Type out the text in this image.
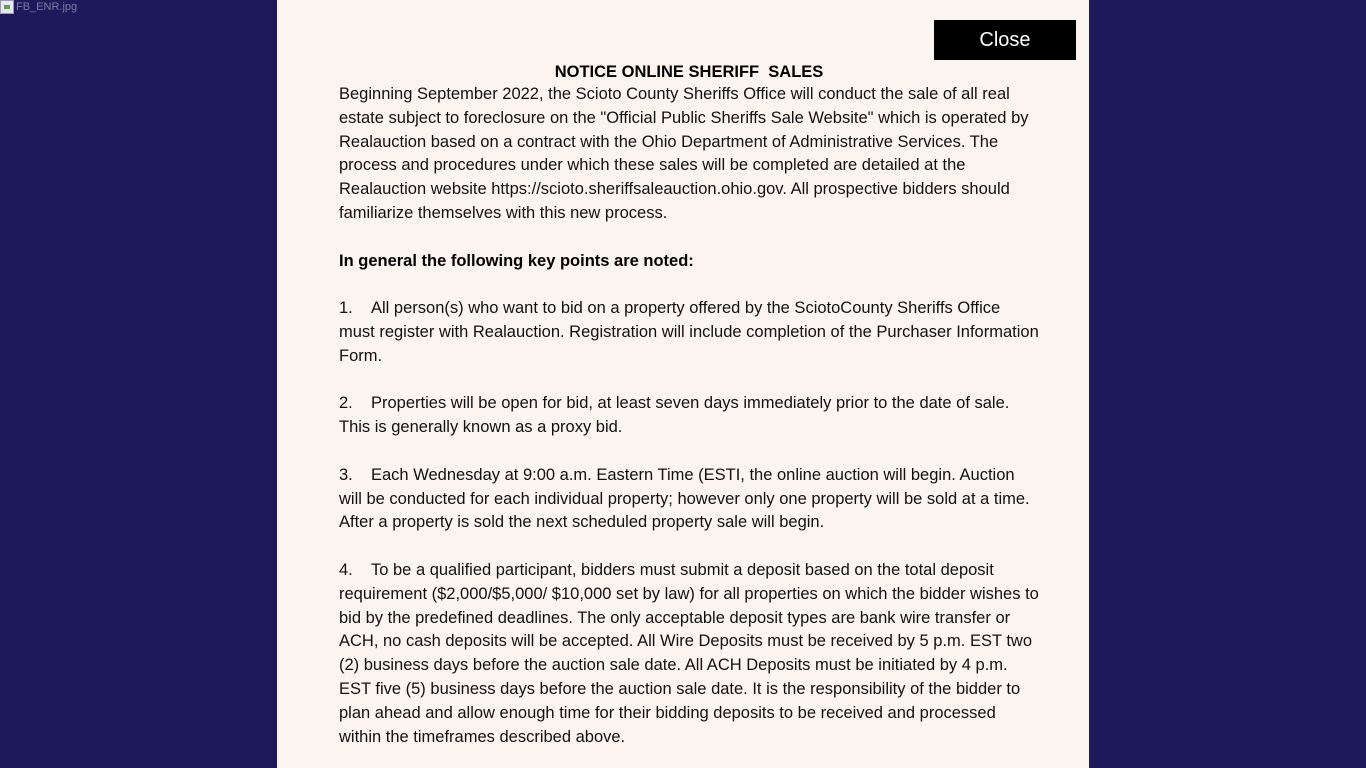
FB_ENR.jpg
Close

NOTICE ONLINE SHERIFF  SALES

Beginning September 2022, the Scioto County Sheriffs Office will conduct the sale of all real estate subject to foreclosure on the "Official Public Sheriffs Sale Website" which is operated by Realauction based on a contract with the Ohio Department of Administrative Services. The process and procedures under which these sales will be completed are detailed at the Realauction website https://scioto.sheriffsaleauction.ohio.gov. All prospective bidders should familiarize themselves with this new process.

In general the following key points are noted:

1. All person(s) who want to bid on a property offered by the SciotoCounty Sheriffs Office must register with Realauction. Registration will include completion of the Purchaser Information Form.

2. Properties will be open for bid, at least seven days immediately prior to the date of sale. This is generally known as a proxy bid.

3. Each Wednesday at 9:00 a.m. Eastern Time (ESTI, the online auction will begin. Auction will be conducted for each individual property; however only one property will be sold at a time. After a property is sold the next scheduled property sale will begin.

4. To be a qualified participant, bidders must submit a deposit based on the total deposit requirement ($2,000/$5,000/ $10,000 set by law) for all properties on which the bidder wishes to bid by the predefined deadlines. The only acceptable deposit types are bank wire transfer or ACH, no cash deposits will be accepted. All Wire Deposits must be received by 5 p.m. EST two (2) business days before the auction sale date. All ACH Deposits must be initiated by 4 p.m. EST five (5) business days before the auction sale date. It is the responsibility of the bidder to plan ahead and allow enough time for their bidding deposits to be received and processed within the timeframes described above.
